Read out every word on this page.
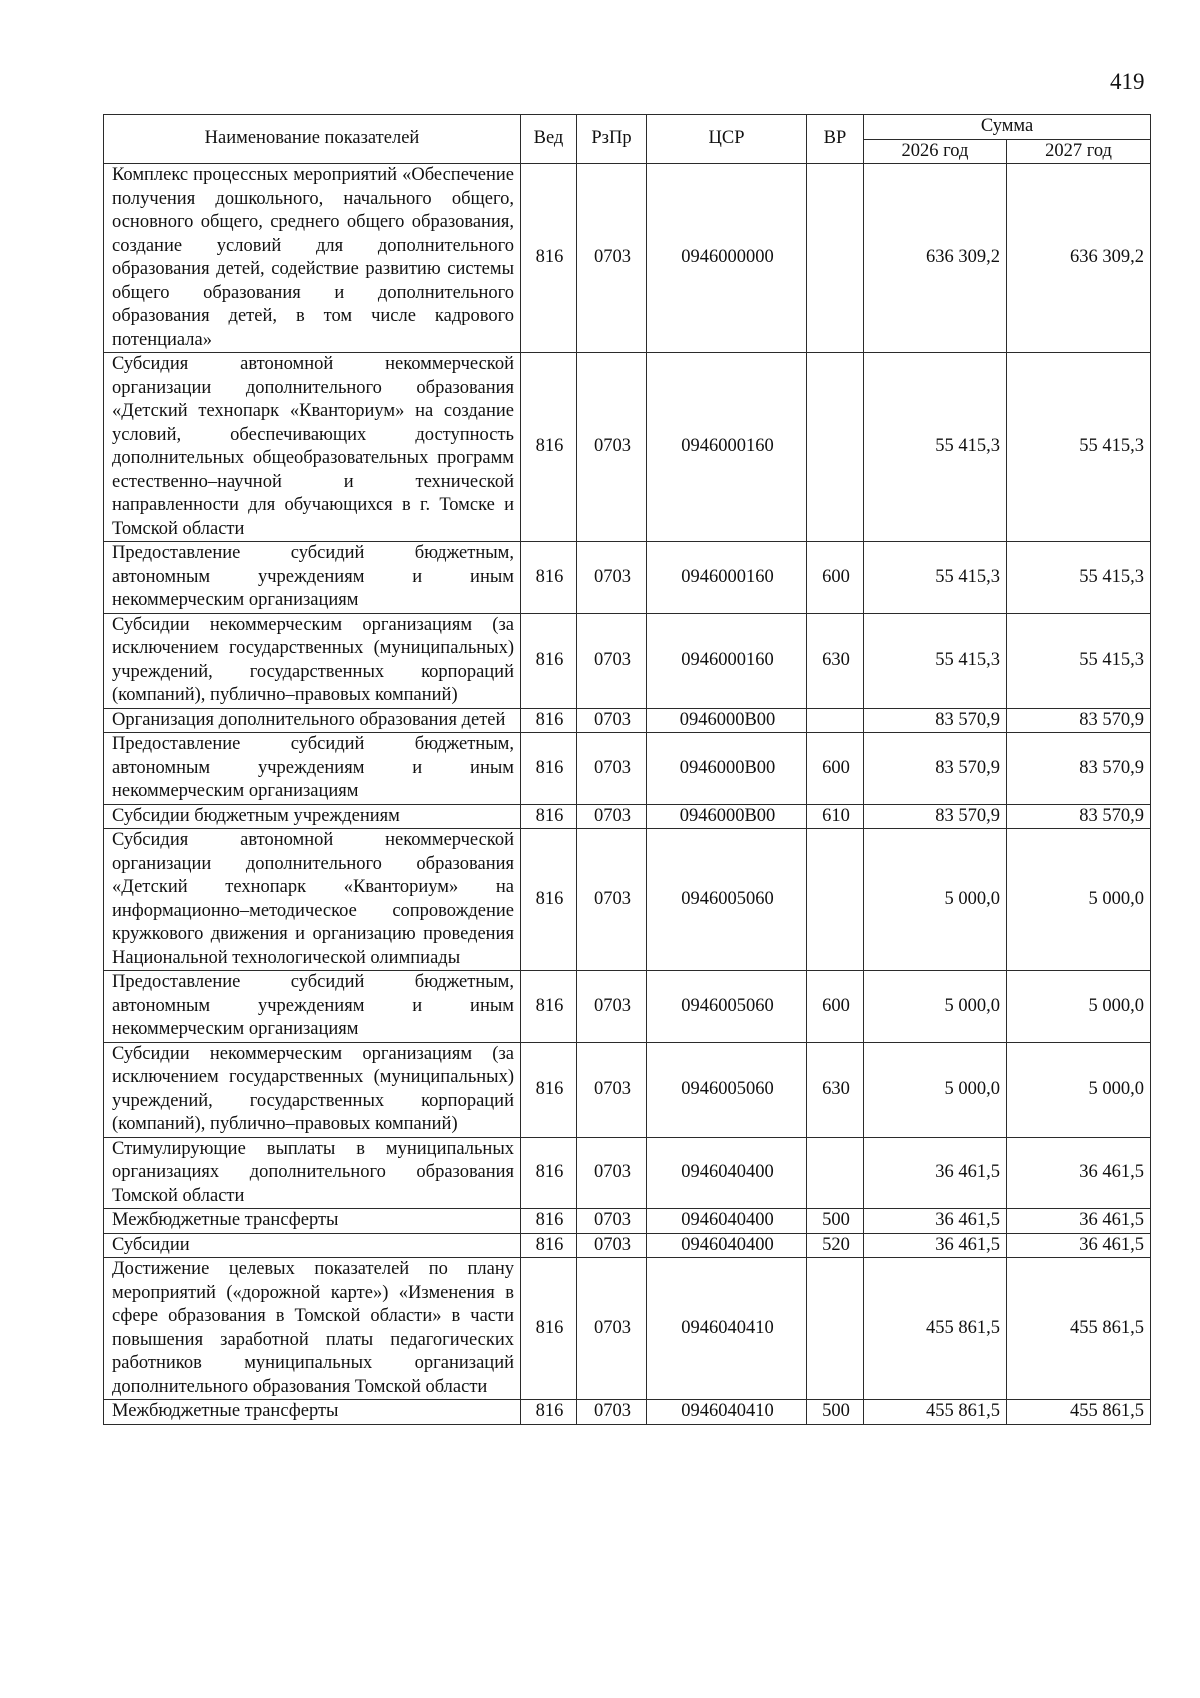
419
Наименование показателей	Вед	РзПр	ЦСР	ВР	Сумма	
					2026 год	2027 год
Комплекс процессных мероприятий «Обеспечение получения дошкольного, начального общего, основного общего, среднего общего образования, создание условий для дополнительного образования детей, содействие развитию системы общего образования и дополнительного образования детей, в том числе кадрового потенциала»	816	0703	0946000000		636 309,2	636 309,2
Субсидия автономной некоммерческой организации дополнительного образования «Детский технопарк «Кванториум» на создание условий, обеспечивающих доступность дополнительных общеобразовательных программ естественно–научной и технической направленности для обучающихся в г. Томске и Томской области	816	0703	0946000160		55 415,3	55 415,3
Предоставление субсидий бюджетным, автономным учреждениям и иным некоммерческим организациям	816	0703	0946000160	600	55 415,3	55 415,3
Субсидии некоммерческим организациям (за исключением государственных (муниципальных) учреждений, государственных корпораций (компаний), публично–правовых компаний)	816	0703	0946000160	630	55 415,3	55 415,3
Организация дополнительного образования детей	816	0703	0946000В00		83 570,9	83 570,9
Предоставление субсидий бюджетным, автономным учреждениям и иным некоммерческим организациям	816	0703	0946000В00	600	83 570,9	83 570,9
Субсидии бюджетным учреждениям	816	0703	0946000В00	610	83 570,9	83 570,9
Субсидия автономной некоммерческой организации дополнительного образования «Детский технопарк «Кванториум» на информационно–методическое сопровождение кружкового движения и организацию проведения Национальной технологической олимпиады	816	0703	0946005060		5 000,0	5 000,0
Предоставление субсидий бюджетным, автономным учреждениям и иным некоммерческим организациям	816	0703	0946005060	600	5 000,0	5 000,0
Субсидии некоммерческим организациям (за исключением государственных (муниципальных) учреждений, государственных корпораций (компаний), публично–правовых компаний)	816	0703	0946005060	630	5 000,0	5 000,0
Стимулирующие выплаты в муниципальных организациях дополнительного образования Томской области	816	0703	0946040400		36 461,5	36 461,5
Межбюджетные трансферты	816	0703	0946040400	500	36 461,5	36 461,5
Субсидии	816	0703	0946040400	520	36 461,5	36 461,5
Достижение целевых показателей по плану мероприятий («дорожной карте») «Изменения в сфере образования в Томской области» в части повышения заработной платы педагогических работников муниципальных организаций дополнительного образования Томской области	816	0703	0946040410		455 861,5	455 861,5
Межбюджетные трансферты	816	0703	0946040410	500	455 861,5	455 861,5
